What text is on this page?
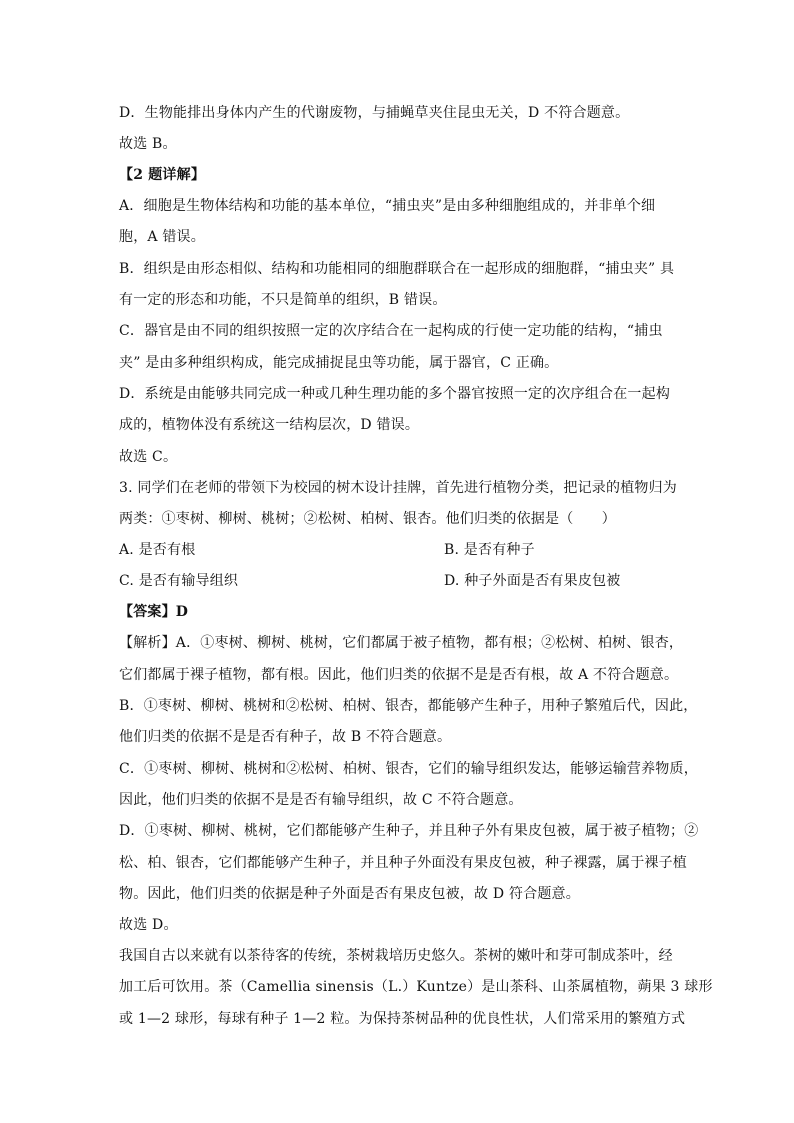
D．生物能排出身体内产生的代谢废物，与捕蝇草夹住昆虫无关，D 不符合题意。
故选 B。
【2 题详解】
A．细胞是生物体结构和功能的基本单位，“捕虫夹”是由多种细胞组成的，并非单个细
胞，A 错误。
B．组织是由形态相似、结构和功能相同的细胞群联合在一起形成的细胞群，“捕虫夹” 具
有一定的形态和功能，不只是简单的组织，B 错误。
C．器官是由不同的组织按照一定的次序结合在一起构成的行使一定功能的结构，“捕虫
夹” 是由多种组织构成，能完成捕捉昆虫等功能，属于器官，C 正确。
D．系统是由能够共同完成一种或几种生理功能的多个器官按照一定的次序组合在一起构
成的，植物体没有系统这一结构层次，D 错误。
故选 C。
3. 同学们在老师的带领下为校园的树木设计挂牌，首先进行植物分类，把记录的植物归为
两类：①枣树、柳树、桃树；②松树、柏树、银杏。他们归类的依据是（　　）
A. 是否有根	B. 是否有种子
C. 是否有输导组织	D. 种子外面是否有果皮包被
【答案】D
【解析】A．①枣树、柳树、桃树，它们都属于被子植物，都有根；②松树、柏树、银杏，
它们都属于裸子植物，都有根。因此，他们归类的依据不是是否有根，故 A 不符合题意。
B．①枣树、柳树、桃树和②松树、柏树、银杏，都能够产生种子，用种子繁殖后代，因此，
他们归类的依据不是是否有种子，故 B 不符合题意。
C．①枣树、柳树、桃树和②松树、柏树、银杏，它们的输导组织发达，能够运输营养物质，
因此，他们归类的依据不是是否有输导组织，故 C 不符合题意。
D．①枣树、柳树、桃树，它们都能够产生种子，并且种子外有果皮包被，属于被子植物；②
松、柏、银杏，它们都能够产生种子，并且种子外面没有果皮包被，种子裸露，属于裸子植
物。因此，他们归类的依据是种子外面是否有果皮包被，故 D 符合题意。
故选 D。
我国自古以来就有以茶待客的传统，茶树栽培历史悠久。茶树的嫩叶和芽可制成茶叶，经
加工后可饮用。茶（Camellia sinensis（L.）Kuntze）是山茶科、山茶属植物，蒴果 3 球形
或 1—2 球形，每球有种子 1—2 粒。为保持茶树品种的优良性状，人们常采用的繁殖方式
